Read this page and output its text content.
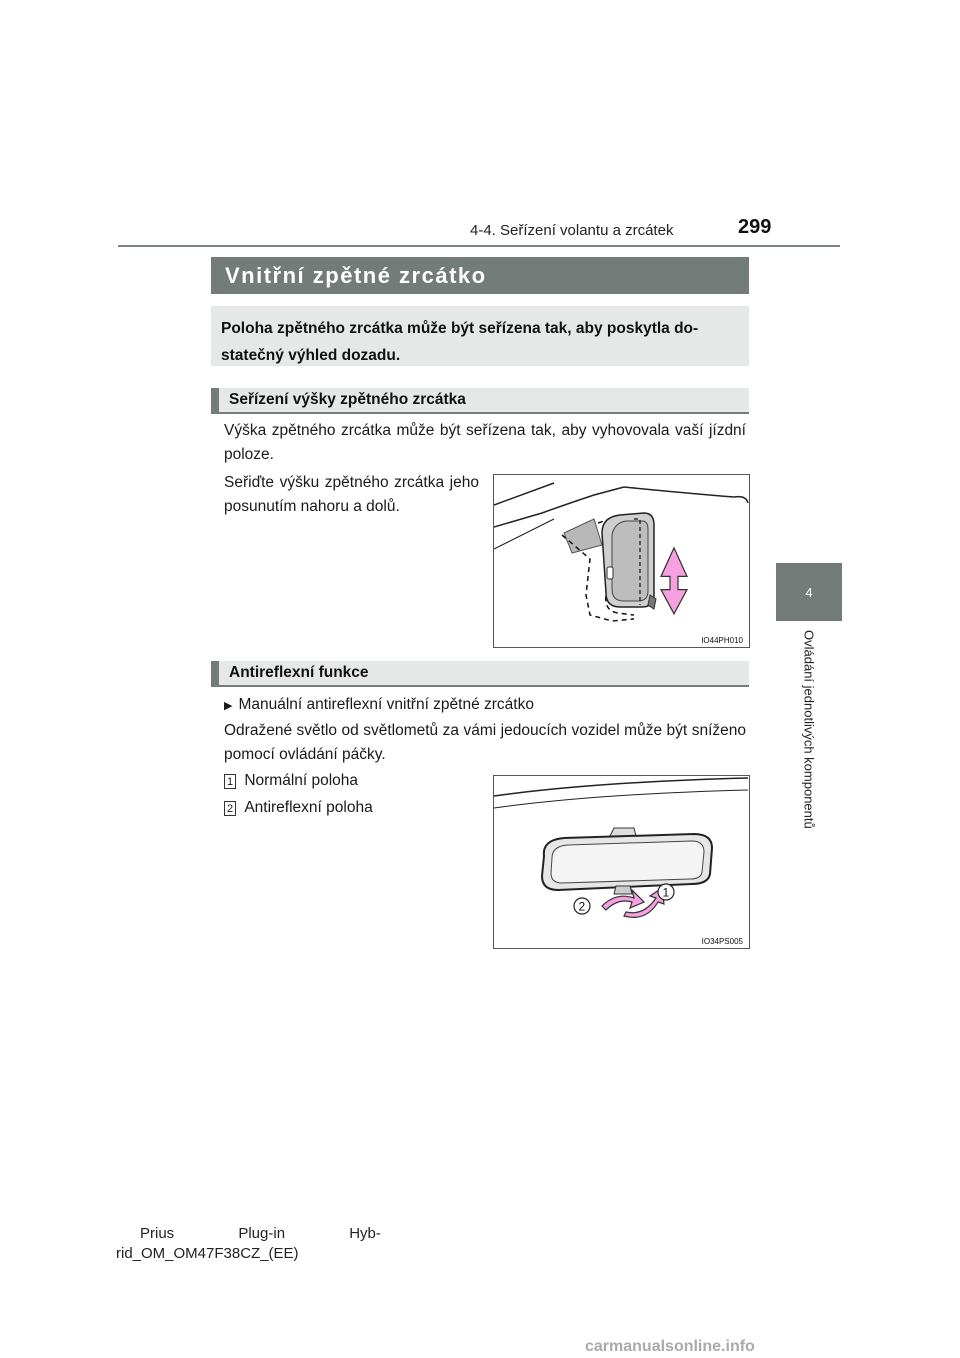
4-4. Seřízení volantu a zrcátek	299
4
Ovládání jednotlivých komponentů
Vnitřní zpětné zrcátko
Poloha zpětného zrcátka může být seřízena tak, aby poskytla do-statečný výhled dozadu.
Seřízení výšky zpětného zrcátka
Výška zpětného zrcátka může být seřízena tak, aby vyhovovala vaší jízdní poloze.
Seřiďte výšku zpětného zrcátka jeho posunutím nahoru a dolů.
IO44PH010
Antireflexní funkce
▶ Manuální antireflexní vnitřní zpětné zrcátko
Odražené světlo od světlometů za vámi jedoucích vozidel může být sníženo pomocí ovládání páčky.
1 Normální poloha
2 Antireflexní poloha
1
2
IO34PS005
Prius Plug-in Hyb-
rid_OM_OM47F38CZ_(EE)
carmanualsonline.info
